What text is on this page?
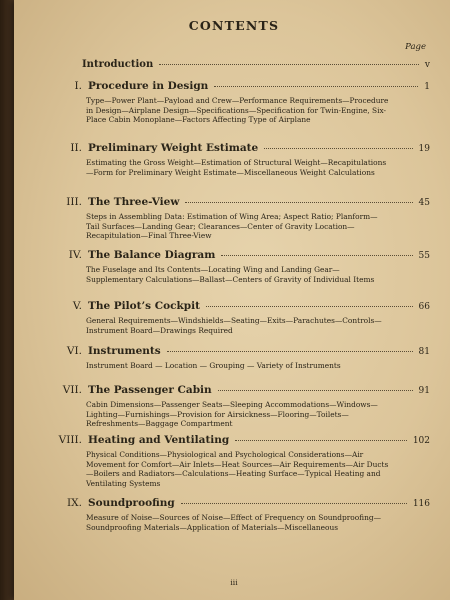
CONTENTS
Page
Introduction	v
I. Procedure in Design	1
Type—Power Plant—Payload and Crew—Performance Requirements—Procedure in Design—Airplane Design—Specifications—Specification for Twin-Engine, Six-Place Cabin Monoplane—Factors Affecting Type of Airplane
II. Preliminary Weight Estimate	19
Estimating the Gross Weight—Estimation of Structural Weight—Recapitulations—Form for Preliminary Weight Estimate—Miscellaneous Weight Calculations
III. The Three-View	45
Steps in Assembling Data: Estimation of Wing Area; Aspect Ratio; Planform—Tail Surfaces—Landing Gear; Clearances—Center of Gravity Location—Recapitulation—Final Three-View
IV. The Balance Diagram	55
The Fuselage and Its Contents—Locating Wing and Landing Gear—Supplementary Calculations—Ballast—Centers of Gravity of Individual Items
V. The Pilot’s Cockpit	66
General Requirements—Windshields—Seating—Exits—Parachutes—Controls—Instrument Board—Drawings Required
VI. Instruments	81
Instrument Board — Location — Grouping — Variety of Instruments
VII. The Passenger Cabin	91
Cabin Dimensions—Passenger Seats—Sleeping Accommodations—Windows—Lighting—Furnishings—Provision for Airsickness—Flooring—Toilets—Refreshments—Baggage Compartment
VIII. Heating and Ventilating	102
Physical Conditions—Physiological and Psychological Considerations—Air Movement for Comfort—Air Inlets—Heat Sources—Air Requirements—Air Ducts—Boilers and Radiators—Calculations—Heating Surface—Typical Heating and Ventilating Systems
IX. Soundproofing	116
Measure of Noise—Sources of Noise—Effect of Frequency on Soundproofing—Soundproofing Materials—Application of Materials—Miscellaneous
iii
